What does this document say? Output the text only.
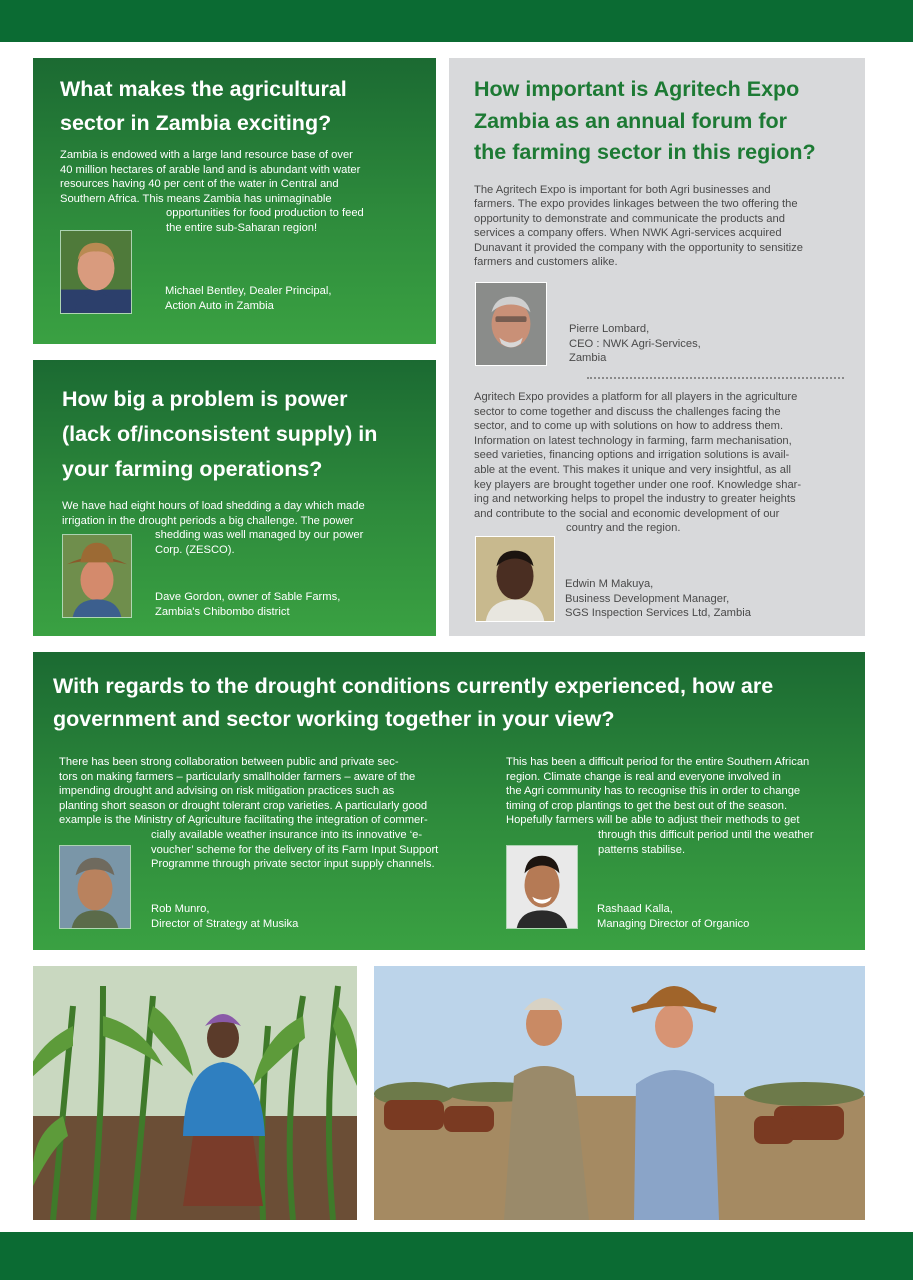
What makes the agricultural
sector in Zambia exciting?
Zambia is endowed with a large land resource base of over
40 million hectares of arable land and is abundant with water
resources having 40 per cent of the water in Central and
Southern Africa. This means Zambia has unimaginable
opportunities for food production to feed
the entire sub-Saharan region!
Michael Bentley, Dealer Principal,
Action Auto in Zambia
How big a problem is power
(lack of/inconsistent supply) in
your farming operations?
We have had eight hours of load shedding a day which made
irrigation in the drought periods a big challenge. The power
shedding was well managed by our power
Corp. (ZESCO).
Dave Gordon, owner of Sable Farms,
Zambia's Chibombo district
How important is Agritech Expo
Zambia as an annual forum for
the farming sector in this region?
The Agritech Expo is important for both Agri businesses and
farmers. The expo provides linkages between the two offering the
opportunity to demonstrate and communicate the products and
services a company offers. When NWK Agri-services acquired
Dunavant it provided the company with the opportunity to sensitize
farmers and customers alike.
Pierre Lombard,
CEO : NWK Agri-Services,
Zambia
Agritech Expo provides a platform for all players in the agriculture
sector to come together and discuss the challenges facing the
sector, and to come up with solutions on how to address them.
Information on latest technology in farming, farm mechanisation,
seed varieties, financing options and irrigation solutions is avail-
able at the event. This makes it unique and very insightful, as all
key players are brought together under one roof. Knowledge shar-
ing and networking helps to propel the industry to greater heights
and contribute to the social and economic development of our
country and the region.
Edwin M Makuya,
Business Development Manager,
SGS Inspection Services Ltd, Zambia
With regards to the drought conditions currently experienced, how are
government and sector working together in your view?
There has been strong collaboration between public and private sec-
tors on making farmers – particularly smallholder farmers – aware of the
impending drought and advising on risk mitigation practices such as
planting short season or drought tolerant crop varieties. A particularly good
example is the Ministry of Agriculture facilitating the integration of commer-
cially available weather insurance into its innovative ‘e-
voucher’ scheme for the delivery of its Farm Input Support
Programme through private sector input supply channels.
Rob Munro,
Director of Strategy at Musika
This has been a difficult period for the entire Southern African
region. Climate change is real and everyone involved in
the Agri community has to recognise this in order to change
timing of crop plantings to get the best out of the season.
Hopefully farmers will be able to adjust their methods to get
through this difficult period until the weather
patterns stabilise.
Rashaad Kalla,
Managing Director of Organico
